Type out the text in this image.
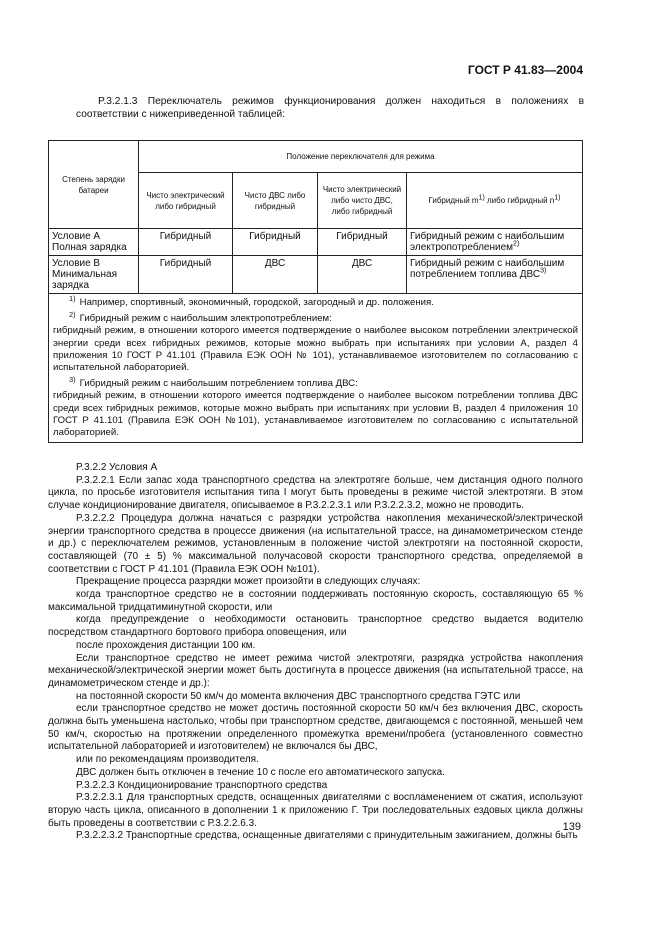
ГОСТ Р 41.83—2004
P.3.2.1.3 Переключатель режимов функционирования должен находиться в положениях в соответствии с нижеприведенной таблицей:
Степень зарядки батареи	Положение переключателя для режима			
	Чисто электрический либо гибридный	Чисто ДВС либо гибридный	Чисто электрический либо чисто ДВС, либо гибридный	Гибридный $m^{1)}$ либо гибридный $n^{1)}$
Условие А Полная зарядка	Гибридный	Гибридный	Гибридный	Гибридный режим с наибольшим электропотреблением$^{2)}$
Условие В Минимальная зарядка	Гибридный	ДВС	ДВС	Гибридный режим с наибольшим потреблением топлива ДВС$^{3)}$

1) Например, спортивный, экономичный, городской, загородный и др. положения.
2) Гибридный режим с наибольшим электропотреблением:
гибридный режим, в отношении которого имеется подтверждение о наиболее высоком потреблении электрической энергии среди всех гибридных режимов, которые можно выбрать при испытаниях при условии А, раздел 4 приложения 10 ГОСТ Р 41.101 (Правила ЕЭК ООН № 101), устанавливаемое изготовителем по согласованию с испытательной лабораторией.
3) Гибридный режим с наибольшим потреблением топлива ДВС:
гибридный режим, в отношении которого имеется подтверждение о наиболее высоком потреблении топлива ДВС среди всех гибридных режимов, которые можно выбрать при испытаниях при условии В, раздел 4 приложения 10 ГОСТ Р 41.101 (Правила ЕЭК ООН №101), устанавливаемое изготовителем по согласованию с испытательной лабораторией.				

P.3.2.2 Условия А

P.3.2.2.1 Если запас хода транспортного средства на электротяге больше, чем дистанция одного полного цикла, по просьбе изготовителя испытания типа I могут быть проведены в режиме чистой электротяги. В этом случае кондиционирование двигателя, описываемое в Р.3.2.2.3.1 или Р.3.2.2.3.2, можно не проводить.

P.3.2.2.2 Процедура должна начаться с разрядки устройства накопления механической/электрической энергии транспортного средства в процессе движения (на испытательной трассе, на динамометрическом стенде и др.) с переключателем режимов, установленным в положение чистой электротяги на постоянной скорости, составляющей (70 ± 5) % максимальной получасовой скорости транспортного средства, определяемой в соответствии с ГОСТ Р 41.101 (Правила ЕЭК ООН №101).

Прекращение процесса разрядки может произойти в следующих случаях:

когда транспортное средство не в состоянии поддерживать постоянную скорость, составляющую 65 % максимальной тридцатиминутной скорости, или

когда предупреждение о необходимости остановить транспортное средство выдается водителю посредством стандартного бортового прибора оповещения, или

после прохождения дистанции 100 км.

Если транспортное средство не имеет режима чистой электротяги, разрядка устройства накопления механической/электрической энергии может быть достигнута в процессе движения (на испытательной трассе, на динамометрическом стенде и др.):

на постоянной скорости 50 км/ч до момента включения ДВС транспортного средства ГЭТС или

если транспортное средство не может достичь постоянной скорости 50 км/ч без включения ДВС, скорость должна быть уменьшена настолько, чтобы при транспортном средстве, двигающемся с постоянной, меньшей чем 50 км/ч, скоростью на протяжении определенного промежутка времени/пробега (установленного совместно испытательной лабораторией и изготовителем) не включался бы ДВС,

или по рекомендациям производителя.

ДВС должен быть отключен в течение 10 с после его автоматического запуска.

P.3.2.2.3 Кондиционирование транспортного средства

P.3.2.2.3.1 Для транспортных средств, оснащенных двигателями с воспламенением от сжатия, используют вторую часть цикла, описанного в дополнении 1 к приложению Г. Три последовательных ездовых цикла должны быть проведены в соответствии с Р.3.2.2.6.3.

P.3.2.2.3.2 Транспортные средства, оснащенные двигателями с принудительным зажиганием, должны быть

139
